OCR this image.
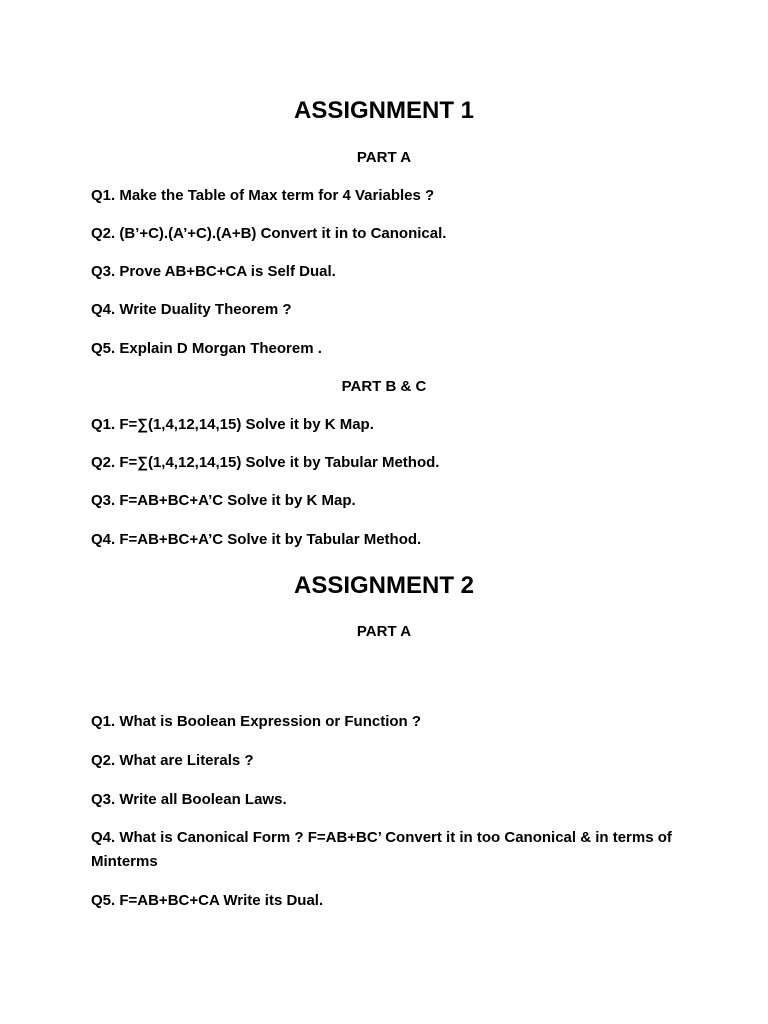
ASSIGNMENT 1
PART A
Q1. Make the Table of Max term for 4 Variables ?
Q2. (B’+C).(A’+C).(A+B) Convert it in to Canonical.
Q3. Prove AB+BC+CA is Self Dual.
Q4. Write Duality Theorem ?
Q5. Explain D Morgan Theorem .
PART B & C
Q1. F=∑(1,4,12,14,15) Solve it by K Map.
Q2. F=∑(1,4,12,14,15) Solve it by Tabular Method.
Q3. F=AB+BC+A’C Solve it by K Map.
Q4. F=AB+BC+A’C Solve it by Tabular Method.
ASSIGNMENT 2
PART A
Q1. What is Boolean Expression or Function ?
Q2. What are Literals ?
Q3. Write all Boolean Laws.
Q4. What is Canonical Form ? F=AB+BC’ Convert it in too Canonical & in terms of Minterms
Q5. F=AB+BC+CA Write its Dual.
